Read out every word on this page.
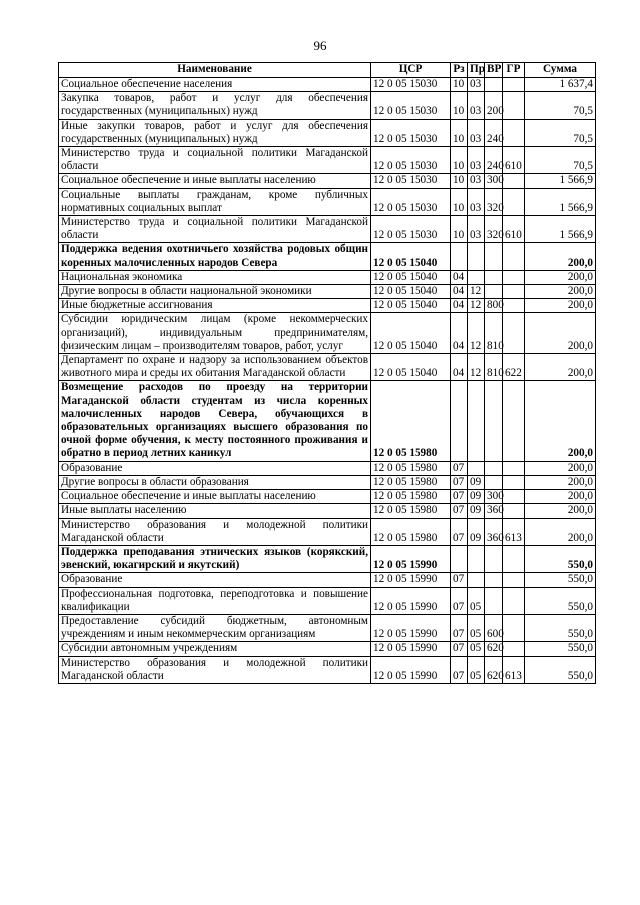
96
Наименование	ЦСР	Рз	Пр	ВР	ГР	Сумма
Социальное обеспечение населения	12 0 05 15030	10	03			1 637,4
Закупка товаров, работ и услуг для обеспечения государственных (муниципальных) нужд	12 0 05 15030	10	03	200		70,5
Иные закупки товаров, работ и услуг для обеспечения государственных (муниципальных) нужд	12 0 05 15030	10	03	240		70,5
Министерство труда и социальной политики Магаданской области	12 0 05 15030	10	03	240	610	70,5
Социальное обеспечение и иные выплаты населению	12 0 05 15030	10	03	300		1 566,9
Социальные выплаты гражданам, кроме публичных нормативных социальных выплат	12 0 05 15030	10	03	320		1 566,9
Министерство труда и социальной политики Магаданской области	12 0 05 15030	10	03	320	610	1 566,9
Поддержка ведения охотничьего хозяйства родовых общин коренных малочисленных народов Севера	12 0 05 15040					200,0
Национальная экономика	12 0 05 15040	04				200,0
Другие вопросы в области национальной экономики	12 0 05 15040	04	12			200,0
Иные бюджетные ассигнования	12 0 05 15040	04	12	800		200,0
Субсидии юридическим лицам (кроме некоммерческих организаций), индивидуальным предпринимателям, физическим лицам – производителям товаров, работ, услуг	12 0 05 15040	04	12	810		200,0
Департамент по охране и надзору за использованием объектов животного мира и среды их обитания Магаданской области	12 0 05 15040	04	12	810	622	200,0
Возмещение расходов по проезду на территории Магаданской области студентам из числа коренных малочисленных народов Севера, обучающихся в образовательных организациях высшего образования по очной форме обучения, к месту постоянного проживания и обратно в период летних каникул	12 0 05 15980					200,0
Образование	12 0 05 15980	07				200,0
Другие вопросы в области образования	12 0 05 15980	07	09			200,0
Социальное обеспечение и иные выплаты населению	12 0 05 15980	07	09	300		200,0
Иные выплаты населению	12 0 05 15980	07	09	360		200,0
Министерство образования и молодежной политики Магаданской области	12 0 05 15980	07	09	360	613	200,0
Поддержка преподавания этнических языков (корякский, эвенский, юкагирский и якутский)	12 0 05 15990					550,0
Образование	12 0 05 15990	07				550,0
Профессиональная подготовка, переподготовка и повышение квалификации	12 0 05 15990	07	05			550,0
Предоставление субсидий бюджетным, автономным учреждениям и иным некоммерческим организациям	12 0 05 15990	07	05	600		550,0
Субсидии автономным учреждениям	12 0 05 15990	07	05	620		550,0
Министерство образования и молодежной политики Магаданской области	12 0 05 15990	07	05	620	613	550,0
